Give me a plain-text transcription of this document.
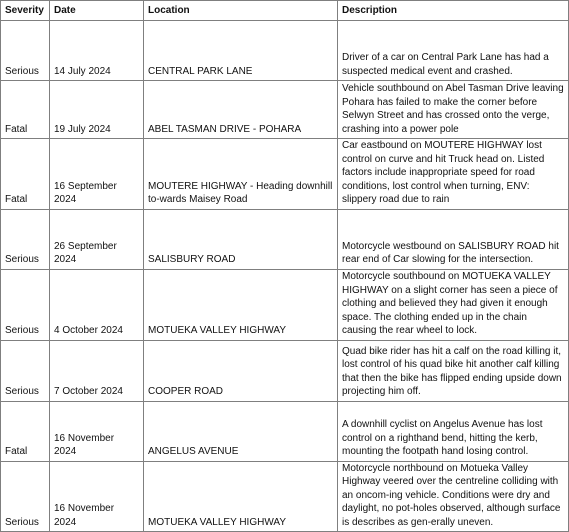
Severity	Date	Location	Description
Serious	14 July 2024	CENTRAL PARK LANE	Driver of a car on Central Park Lane has had a suspected medical event and crashed.
Fatal	19 July 2024	ABEL TASMAN DRIVE - POHARA	Vehicle southbound on Abel Tasman Drive leaving Pohara has failed to make the corner before Selwyn Street and has crossed onto the verge, crashing into a power pole
Fatal	16 September 2024	MOUTERE HIGHWAY - Heading downhill to-wards Maisey Road	Car eastbound on MOUTERE HIGHWAY lost control on curve and hit Truck head on. Listed factors include inappropriate speed for road conditions, lost control when turning, ENV: slippery road due to rain
Serious	26 September 2024	SALISBURY ROAD	Motorcycle westbound on SALISBURY ROAD hit rear end of Car slowing for the intersection.
Serious	4 October 2024	MOTUEKA VALLEY HIGHWAY	Motorcycle southbound on MOTUEKA VALLEY HIGHWAY on a slight corner has seen a piece of clothing and believed they had given it enough space. The clothing ended up in the chain causing the rear wheel to lock.
Serious	7 October 2024	COOPER ROAD	Quad bike rider has hit a calf on the road killing it, lost control of his quad bike hit another calf killing that then the bike has flipped ending upside down projecting him off.
Fatal	16 November 2024	ANGELUS AVENUE	A downhill cyclist on Angelus Avenue has lost control on a righthand bend, hitting the kerb, mounting the footpath hand losing control.
Serious	16 November 2024	MOTUEKA VALLEY HIGHWAY	Motorcycle northbound on Motueka Valley Highway veered over the centreline colliding with an oncom-ing vehicle. Conditions were dry and daylight, no pot-holes observed, although surface is describes as gen-erally uneven.
